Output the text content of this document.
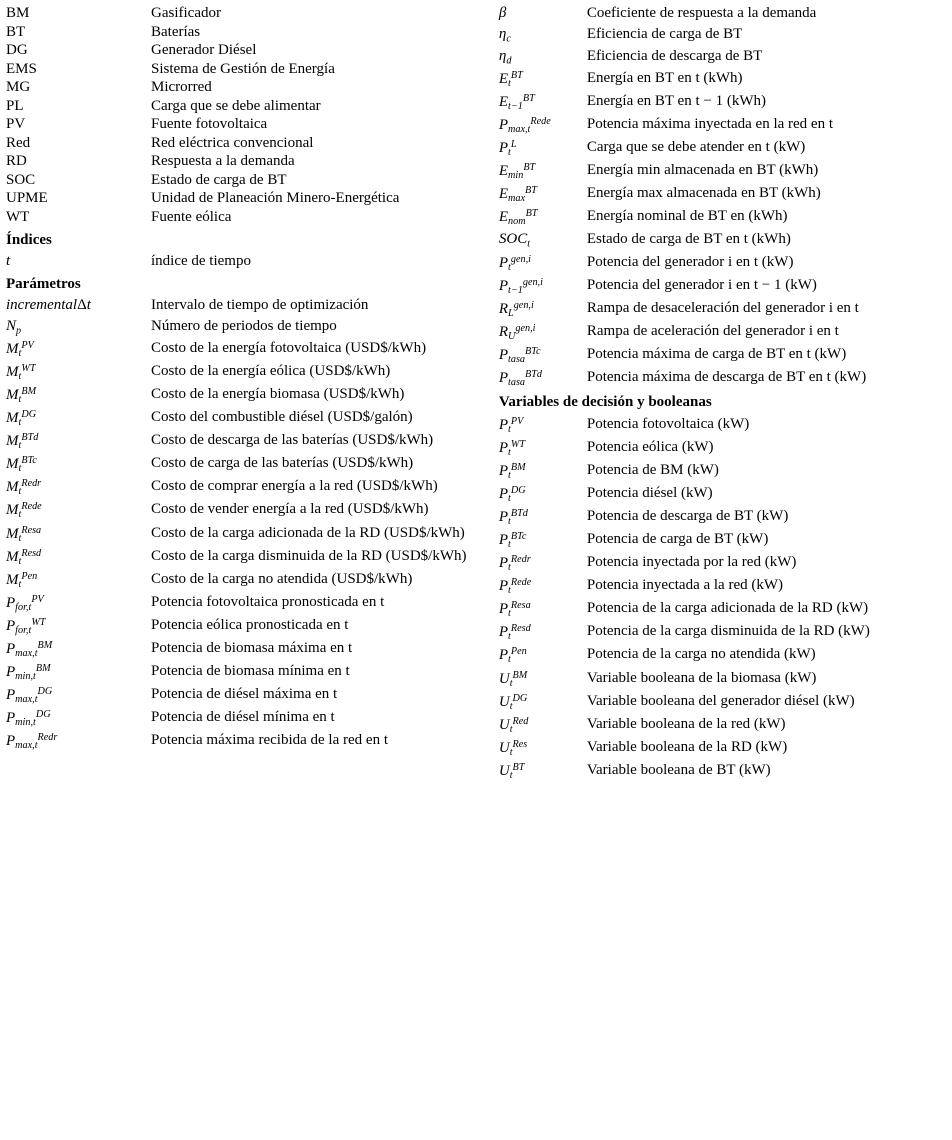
BM	Gasificador
BT	Baterías
DG	Generador Diésel
EMS	Sistema de Gestión de Energía
MG	Microrred
PL	Carga que se debe alimentar
PV	Fuente fotovoltaica
Red	Red eléctrica convencional
RD	Respuesta a la demanda
SOC	Estado de carga de BT
UPME	Unidad de Planeación Minero-Energética
WT	Fuente eólica
Índices	
t	índice de tiempo
Parámetros	
incrementalΔt	Intervalo de tiempo de optimización
$N_p$	Número de periodos de tiempo
$M_t^{PV}$	Costo de la energía fotovoltaica (USD$/kWh)
$M_t^{WT}$	Costo de la energía eólica (USD$/kWh)
$M_t^{BM}$	Costo de la energía biomasa (USD$/kWh)
$M_t^{DG}$	Costo del combustible diésel (USD$/galón)
$M_t^{BTd}$	Costo de descarga de las baterías (USD$/kWh)
$M_t^{BTc}$	Costo de carga de las baterías (USD$/kWh)
$M_t^{Redr}$	Costo de comprar energía a la red (USD$/kWh)
$M_t^{Rede}$	Costo de vender energía a la red (USD$/kWh)
$M_t^{Resa}$	Costo de la carga adicionada de la RD (USD$/kWh)
$M_t^{Resd}$	Costo de la carga disminuida de la RD (USD$/kWh)
$M_t^{Pen}$	Costo de la carga no atendida (USD$/kWh)
$P_{for,t}^{PV}$	Potencia fotovoltaica pronosticada en t
$P_{for,t}^{WT}$	Potencia eólica pronosticada en t
$P_{max,t}^{BM}$	Potencia de biomasa máxima en t
$P_{min,t}^{BM}$	Potencia de biomasa mínima en t
$P_{max,t}^{DG}$	Potencia de diésel máxima en t
$P_{min,t}^{DG}$	Potencia de diésel mínima en t
$P_{max,t}^{Redr}$	Potencia máxima recibida de la red en t
β	Coeficiente de respuesta a la demanda
$\eta_c$	Eficiencia de carga de BT
$\eta_d$	Eficiencia de descarga de BT
$E_t^{BT}$	Energía en BT en t (kWh)
$E_{t-1}^{BT}$	Energía en BT en t − 1 (kWh)
$P_{max,t}^{Rede}$	Potencia máxima inyectada en la red en t
$P_t^L$	Carga que se debe atender en t (kW)
$E_{min}^{BT}$	Energía min almacenada en BT (kWh)
$E_{max}^{BT}$	Energía max almacenada en BT (kWh)
$E_{nom}^{BT}$	Energía nominal de BT en (kWh)
$SOC_t$	Estado de carga de BT en t (kWh)
$P_t^{gen,i}$	Potencia del generador i en t (kW)
$P_{t-1}^{gen,i}$	Potencia del generador i en t − 1 (kW)
$R_L^{gen,i}$	Rampa de desaceleración del generador i en t
$R_U^{gen,i}$	Rampa de aceleración del generador i en t
$P_{tasa}^{BTc}$	Potencia máxima de carga de BT en t (kW)
$P_{tasa}^{BTd}$	Potencia máxima de descarga de BT en t (kW)
Variables de decisión y booleanas	
$P_t^{PV}$	Potencia fotovoltaica (kW)
$P_t^{WT}$	Potencia eólica (kW)
$P_t^{BM}$	Potencia de BM (kW)
$P_t^{DG}$	Potencia diésel (kW)
$P_t^{BTd}$	Potencia de descarga de BT (kW)
$P_t^{BTc}$	Potencia de carga de BT (kW)
$P_t^{Redr}$	Potencia inyectada por la red (kW)
$P_t^{Rede}$	Potencia inyectada a la red (kW)
$P_t^{Resa}$	Potencia de la carga adicionada de la RD (kW)
$P_t^{Resd}$	Potencia de la carga disminuida de la RD (kW)
$P_t^{Pen}$	Potencia de la carga no atendida (kW)
$U_t^{BM}$	Variable booleana de la biomasa (kW)
$U_t^{DG}$	Variable booleana del generador diésel (kW)
$U_t^{Red}$	Variable booleana de la red (kW)
$U_t^{Res}$	Variable booleana de la RD (kW)
$U_t^{BT}$	Variable booleana de BT (kW)
